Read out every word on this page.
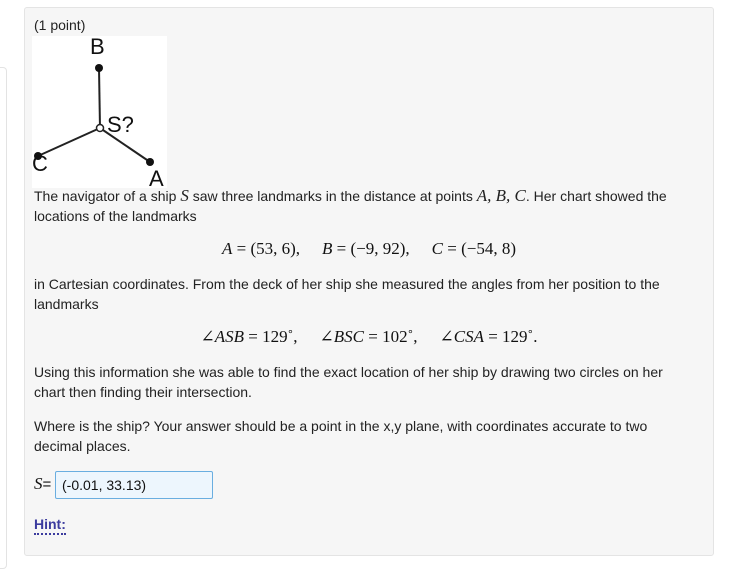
(1 point)
B
S?
C
A
The navigator of a ship S saw three landmarks in the distance at points A, B, C. Her chart showed the locations of the landmarks
A = (53, 6), B = (−9, 92), C = (−54, 8)
in Cartesian coordinates. From the deck of her ship she measured the angles from her position to the landmarks
∠ASB = 129˚, ∠BSC = 102˚, ∠CSA = 129˚.
Using this information she was able to find the exact location of her ship by drawing two circles on her chart then finding their intersection.
Where is the ship? Your answer should be a point in the x,y plane, with coordinates accurate to two decimal places.
S=
(-0.01, 33.13)
Hint:
